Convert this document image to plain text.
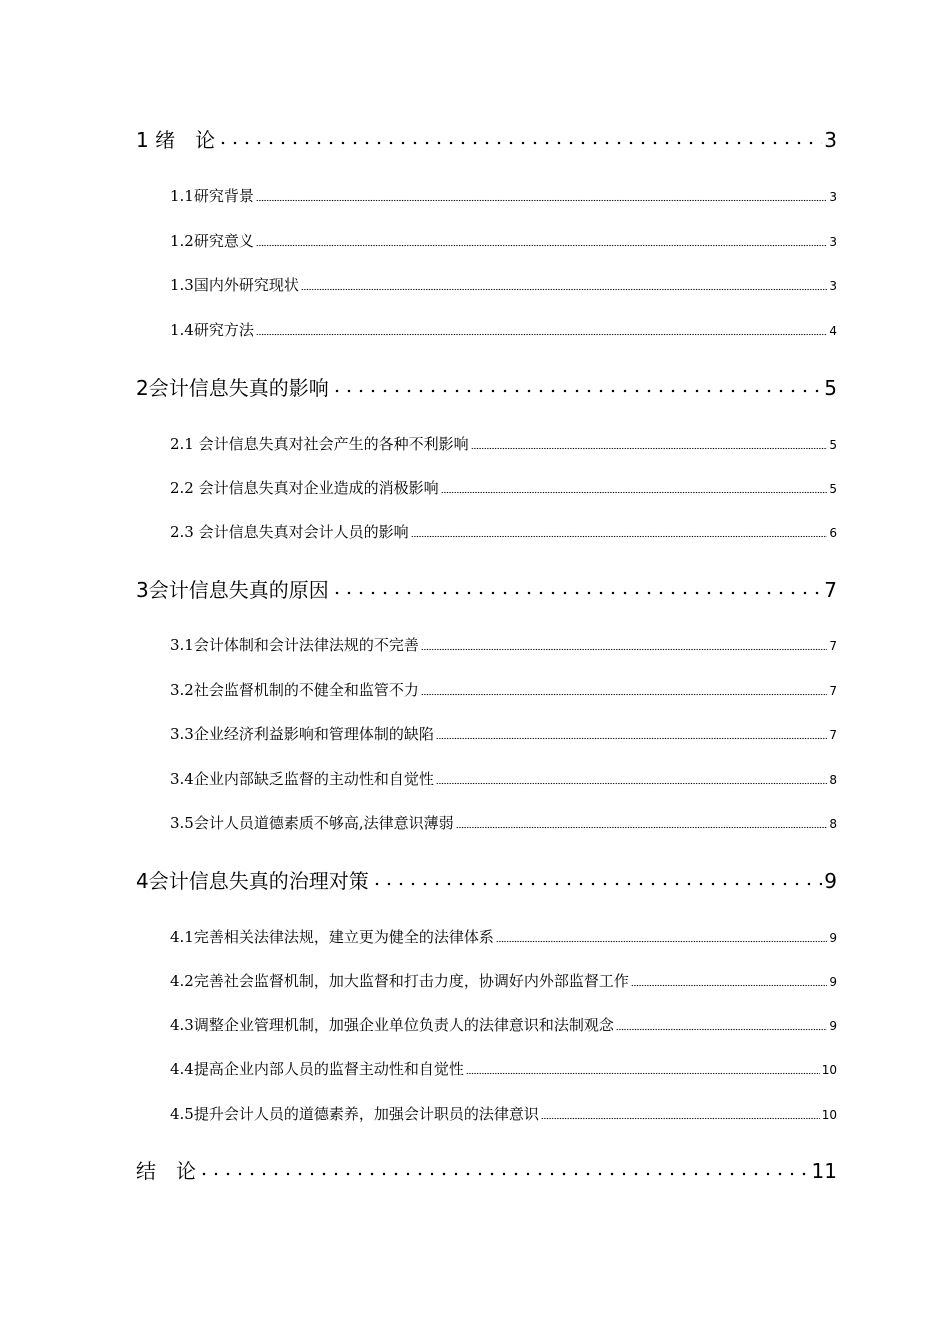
1 绪　论	3
1.1研究背景	3
1.2研究意义	3
1.3国内外研究现状	3
1.4研究方法	4
2会计信息失真的影响	5
2.1 会计信息失真对社会产生的各种不利影响	5
2.2 会计信息失真对企业造成的消极影响	5
2.3 会计信息失真对会计人员的影响	6
3会计信息失真的原因	7
3.1会计体制和会计法律法规的不完善	7
3.2社会监督机制的不健全和监管不力	7
3.3企业经济利益影响和管理体制的缺陷	7
3.4企业内部缺乏监督的主动性和自觉性	8
3.5会计人员道德素质不够高,法律意识薄弱	8
4会计信息失真的治理对策	9
4.1完善相关法律法规，建立更为健全的法律体系	9
4.2完善社会监督机制，加大监督和打击力度，协调好内外部监督工作	9
4.3调整企业管理机制，加强企业单位负责人的法律意识和法制观念	9
4.4提高企业内部人员的监督主动性和自觉性	10
4.5提升会计人员的道德素养，加强会计职员的法律意识	10
结　论	11
